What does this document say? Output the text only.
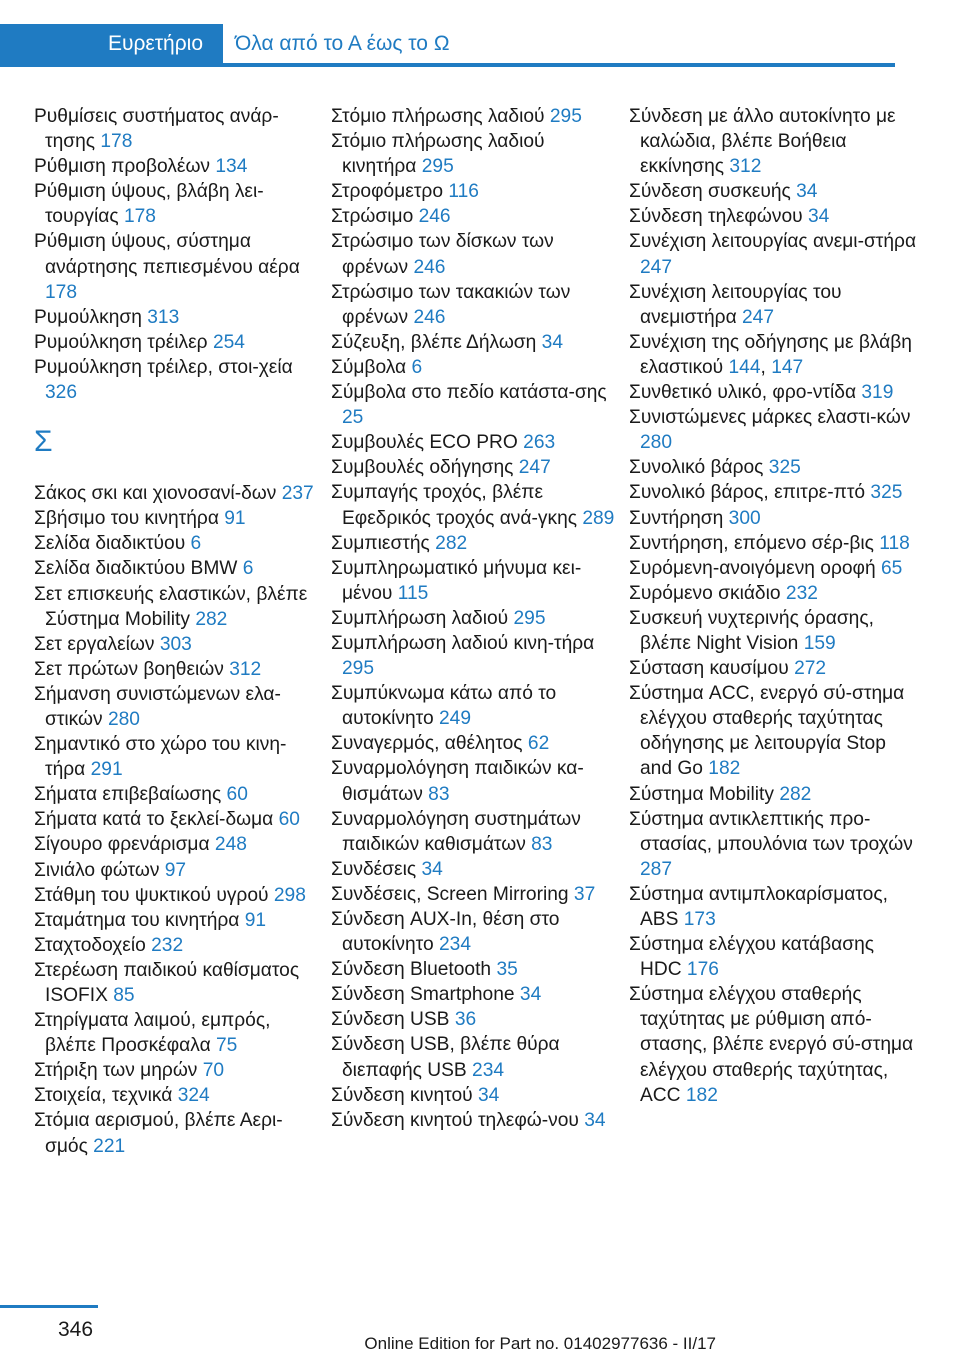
Ευρετήριο	Όλα από το Α έως το Ω
Ρυθμίσεις συστήματος ανάρ‐τησης 178
Ρύθμιση προβολέων 134
Ρύθμιση ύψους, βλάβη λει‐τουργίας 178
Ρύθμιση ύψους, σύστημα ανάρτησης πεπιεσμένου αέρα 178
Ρυμούλκηση 313
Ρυμούλκηση τρέιλερ 254
Ρυμούλκηση τρέιλερ, στοι‐χεία 326
Σ
Σάκος σκι και χιονοσανί‐δων 237
Σβήσιμο του κινητήρα 91
Σελίδα διαδικτύου 6
Σελίδα διαδικτύου BMW 6
Σετ επισκευής ελαστικών, βλέπε Σύστημα Mobility 282
Σετ εργαλείων 303
Σετ πρώτων βοηθειών 312
Σήμανση συνιστώμενων ελα‐στικών 280
Σημαντικό στο χώρο του κινη‐τήρα 291
Σήματα επιβεβαίωσης 60
Σήματα κατά το ξεκλεί‐δωμα 60
Σίγουρο φρενάρισμα 248
Σινιάλο φώτων 97
Στάθμη του ψυκτικού υγρού 298
Σταμάτημα του κινητήρα 91
Σταχτοδοχείο 232
Στερέωση παιδικού καθίσματος ISOFIX 85
Στηρίγματα λαιμού, εμπρός, βλέπε Προσκέφαλα 75
Στήριξη των μηρών 70
Στοιχεία, τεχνικά 324
Στόμια αερισμού, βλέπε Αερι‐σμός 221
Στόμιο πλήρωσης λαδιού 295
Στόμιο πλήρωσης λαδιού κινητήρα 295
Στροφόμετρο 116
Στρώσιμο 246
Στρώσιμο των δίσκων των φρένων 246
Στρώσιμο των τακακιών των φρένων 246
Σύζευξη, βλέπε Δήλωση 34
Σύμβολα 6
Σύμβολα στο πεδίο κατάστα‐σης 25
Συμβουλές ECO PRO 263
Συμβουλές οδήγησης 247
Συμπαγής τροχός, βλέπε Εφεδρικός τροχός ανά‐γκης 289
Συμπιεστής 282
Συμπληρωματικό μήνυμα κει‐μένου 115
Συμπλήρωση λαδιού 295
Συμπλήρωση λαδιού κινη‐τήρα 295
Συμπύκνωμα κάτω από το αυτοκίνητο 249
Συναγερμός, αθέλητος 62
Συναρμολόγηση παιδικών κα‐θισμάτων 83
Συναρμολόγηση συστημάτων παιδικών καθισμάτων 83
Συνδέσεις 34
Συνδέσεις, Screen Mirroring 37
Σύνδεση AUX-In, θέση στο αυτοκίνητο 234
Σύνδεση Bluetooth 35
Σύνδεση Smartphone 34
Σύνδεση USB 36
Σύνδεση USB, βλέπε θύρα διεπαφής USB 234
Σύνδεση κινητού 34
Σύνδεση κινητού τηλεφώ‐νου 34
Σύνδεση με άλλο αυτοκίνητο με καλώδια, βλέπε Βοήθεια εκκίνησης 312
Σύνδεση συσκευής 34
Σύνδεση τηλεφώνου 34
Συνέχιση λειτουργίας ανεμι‐στήρα 247
Συνέχιση λειτουργίας του ανεμιστήρα 247
Συνέχιση της οδήγησης με βλάβη ελαστικού 144, 147
Συνθετικό υλικό, φρο‐ντίδα 319
Συνιστώμενες μάρκες ελαστι‐κών 280
Συνολικό βάρος 325
Συνολικό βάρος, επιτρε‐πτό 325
Συντήρηση 300
Συντήρηση, επόμενο σέρ‐βις 118
Συρόμενη-ανοιγόμενη οροφή 65
Συρόμενο σκιάδιο 232
Συσκευή νυχτερινής όρασης, βλέπε Night Vision 159
Σύσταση καυσίμου 272
Σύστημα ACC, ενεργό σύ‐στημα ελέγχου σταθερής ταχύτητας οδήγησης με λειτουργία Stop and Go 182
Σύστημα Mobility 282
Σύστημα αντικλεπτικής προ‐στασίας, μπουλόνια των τροχών 287
Σύστημα αντιμπλοκαρίσματος, ABS 173
Σύστημα ελέγχου κατάβασης HDC 176
Σύστημα ελέγχου σταθερής ταχύτητας με ρύθμιση από‐στασης, βλέπε ενεργό σύ‐στημα ελέγχου σταθερής ταχύτητας, ACC 182
346
Online Edition for Part no. 01402977636 - II/17
